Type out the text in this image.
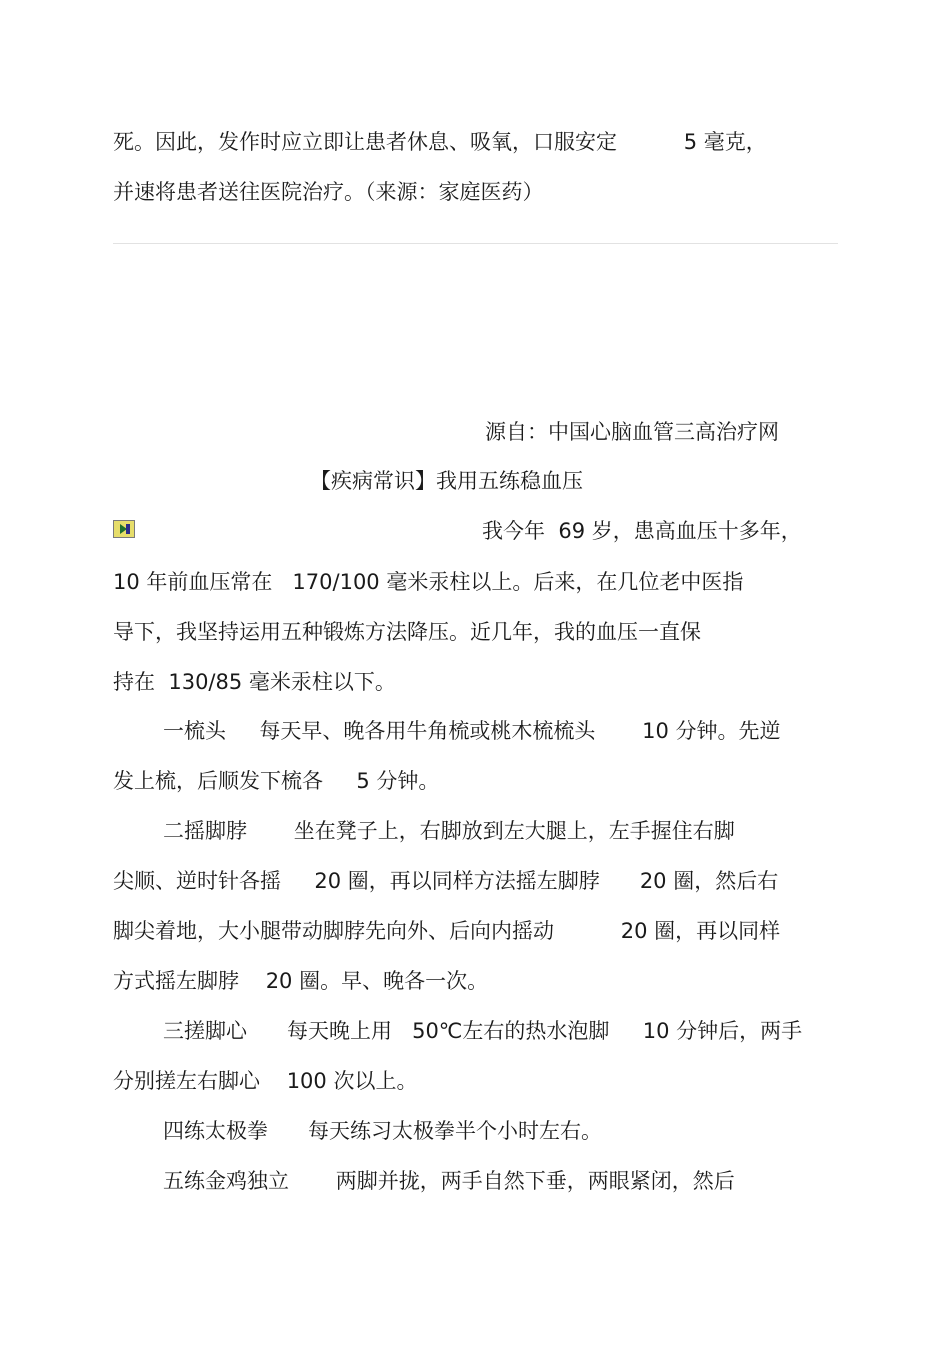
死。因此，发作时应立即让患者休息、吸氧，口服安定          5 毫克，
并速将患者送往医院治疗。（来源：家庭医药）
源自：中国心脑血管三高治疗网
【疾病常识】我用五练稳血压
我今年  69 岁，患高血压十多年，
10 年前血压常在   170/100 毫米汞柱以上。后来，在几位老中医指
导下，我坚持运用五种锻炼方法降压。近几年，我的血压一直保
持在  130/85 毫米汞柱以下。
一梳头     每天早、晚各用牛角梳或桃木梳梳头       10 分钟。先逆
发上梳，后顺发下梳各     5 分钟。
二摇脚脖       坐在凳子上，右脚放到左大腿上，左手握住右脚
尖顺、逆时针各摇     20 圈，再以同样方法摇左脚脖      20 圈，然后右
脚尖着地，大小腿带动脚脖先向外、后向内摇动          20 圈，再以同样
方式摇左脚脖    20 圈。早、晚各一次。
三搓脚心      每天晚上用   50℃左右的热水泡脚     10 分钟后，两手
分别搓左右脚心    100 次以上。
四练太极拳      每天练习太极拳半个小时左右。
五练金鸡独立       两脚并拢，两手自然下垂，两眼紧闭，然后
